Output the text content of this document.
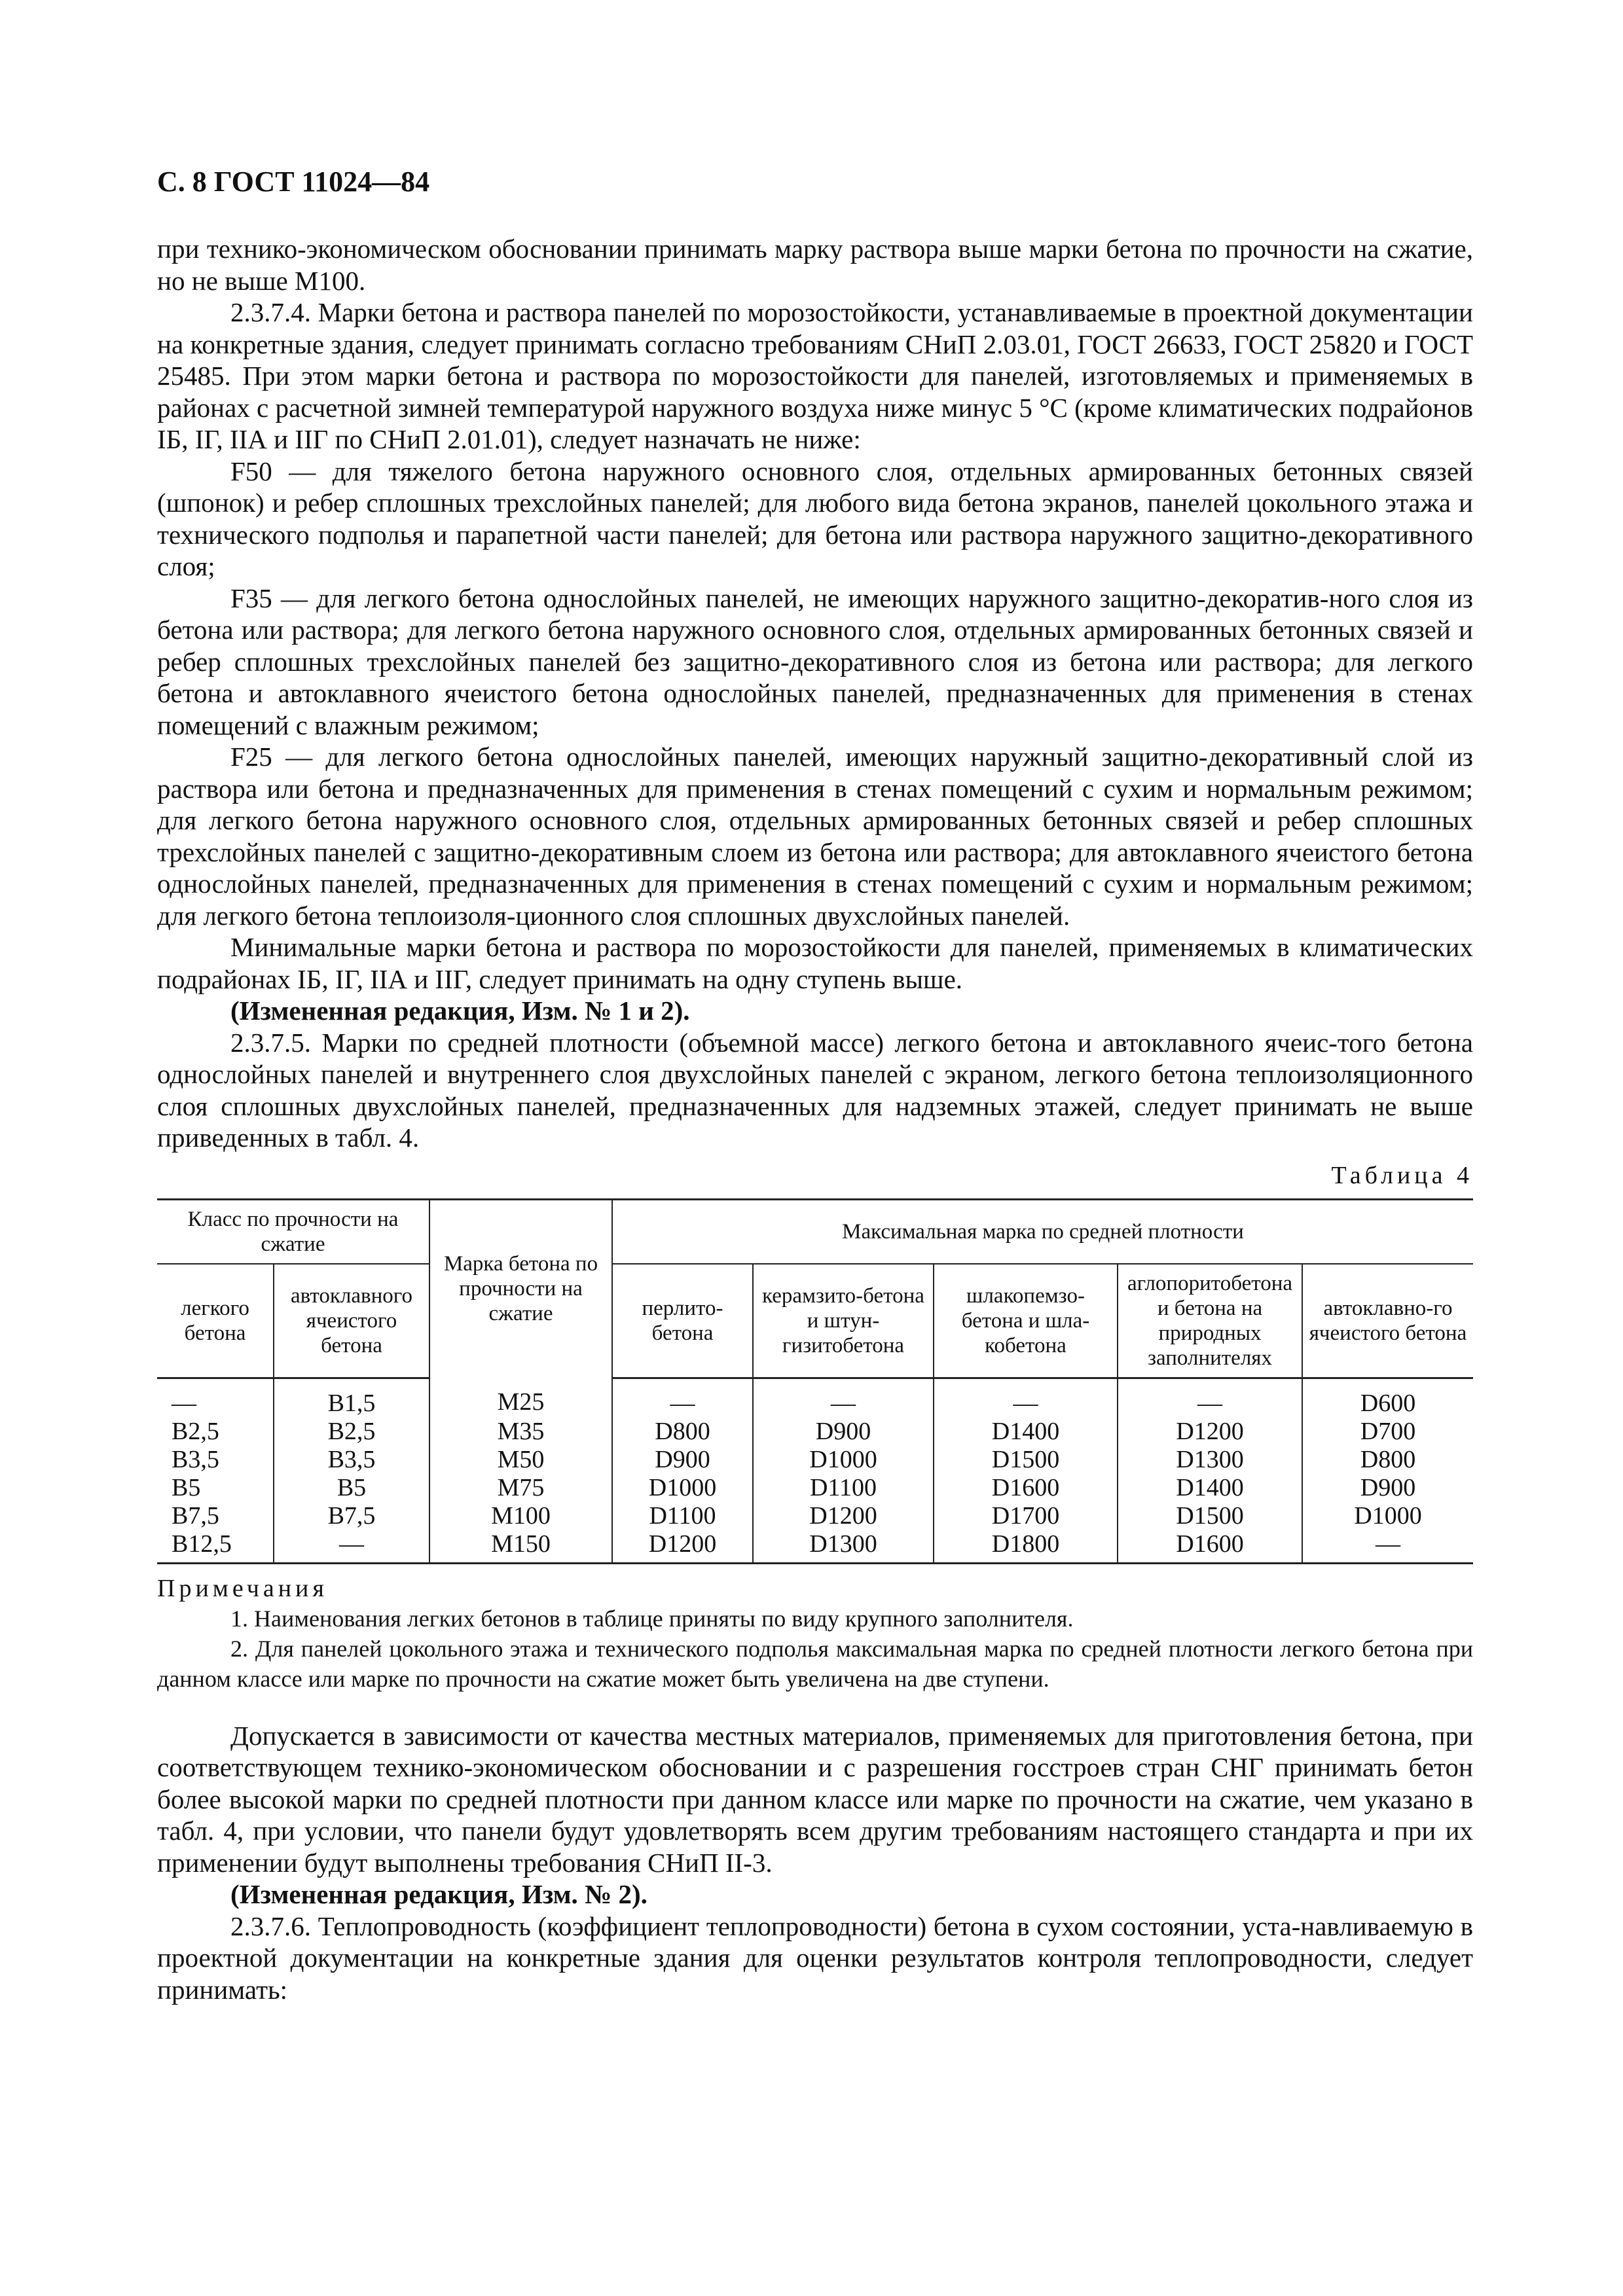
С. 8 ГОСТ 11024—84

при технико-экономическом обосновании принимать марку раствора выше марки бетона по прочности на сжатие, но не выше М100.

2.3.7.4. Марки бетона и раствора панелей по морозостойкости, устанавливаемые в проектной документации на конкретные здания, следует принимать согласно требованиям СНиП 2.03.01, ГОСТ 26633, ГОСТ 25820 и ГОСТ 25485. При этом марки бетона и раствора по морозостойкости для панелей, изготовляемых и применяемых в районах с расчетной зимней температурой наружного воздуха ниже минус 5 °С (кроме климатических подрайонов IБ, IГ, IIА и IIГ по СНиП 2.01.01), следует назначать не ниже:

F50 — для тяжелого бетона наружного основного слоя, отдельных армированных бетонных связей (шпонок) и ребер сплошных трехслойных панелей; для любого вида бетона экранов, панелей цокольного этажа и технического подполья и парапетной части панелей; для бетона или раствора наружного защитно-декоративного слоя;

F35 — для легкого бетона однослойных панелей, не имеющих наружного защитно-декоратив-ного слоя из бетона или раствора; для легкого бетона наружного основного слоя, отдельных армированных бетонных связей и ребер сплошных трехслойных панелей без защитно-декоративного слоя из бетона или раствора; для легкого бетона и автоклавного ячеистого бетона однослойных панелей, предназначенных для применения в стенах помещений с влажным режимом;

F25 — для легкого бетона однослойных панелей, имеющих наружный защитно-декоративный слой из раствора или бетона и предназначенных для применения в стенах помещений с сухим и нормальным режимом; для легкого бетона наружного основного слоя, отдельных армированных бетонных связей и ребер сплошных трехслойных панелей с защитно-декоративным слоем из бетона или раствора; для автоклавного ячеистого бетона однослойных панелей, предназначенных для применения в стенах помещений с сухим и нормальным режимом; для легкого бетона теплоизоля-ционного слоя сплошных двухслойных панелей.

Минимальные марки бетона и раствора по морозостойкости для панелей, применяемых в климатических подрайонах IБ, IГ, IIА и IIГ, следует принимать на одну ступень выше.

(Измененная редакция, Изм. № 1 и 2).

2.3.7.5. Марки по средней плотности (объемной массе) легкого бетона и автоклавного ячеис-того бетона однослойных панелей и внутреннего слоя двухслойных панелей с экраном, легкого бетона теплоизоляционного слоя сплошных двухслойных панелей, предназначенных для надземных этажей, следует принимать не выше приведенных в табл. 4.

Таблица 4
Класс по прочности на сжатие		Марка бетона по прочности на сжатие	Максимальная марка по средней плотности				
легкого бетона	автоклавного ячеистого бетона		перлито-бетона	керамзито-бетона и штун-гизитобетона	шлакопемзо-бетона и шла-кобетона	аглопоритобетона и бетона на природных заполнителях	автоклавно-го ячеистого бетона
—	B1,5	M25	—	—	—	—	D600
B2,5	B2,5	M35	D800	D900	D1400	D1200	D700
B3,5	B3,5	M50	D900	D1000	D1500	D1300	D800
B5	B5	M75	D1000	D1100	D1600	D1400	D900
B7,5	B7,5	M100	D1100	D1200	D1700	D1500	D1000
B12,5	—	M150	D1200	D1300	D1800	D1600	—
Примечания

1. Наименования легких бетонов в таблице приняты по виду крупного заполнителя.

2. Для панелей цокольного этажа и технического подполья максимальная марка по средней плотности легкого бетона при данном классе или марке по прочности на сжатие может быть увеличена на две ступени.

Допускается в зависимости от качества местных материалов, применяемых для приготовления бетона, при соответствующем технико-экономическом обосновании и с разрешения госстроев стран СНГ принимать бетон более высокой марки по средней плотности при данном классе или марке по прочности на сжатие, чем указано в табл. 4, при условии, что панели будут удовлетворять всем другим требованиям настоящего стандарта и при их применении будут выполнены требования СНиП II-3.

(Измененная редакция, Изм. № 2).

2.3.7.6. Теплопроводность (коэффициент теплопроводности) бетона в сухом состоянии, уста-навливаемую в проектной документации на конкретные здания для оценки результатов контроля теплопроводности, следует принимать:
